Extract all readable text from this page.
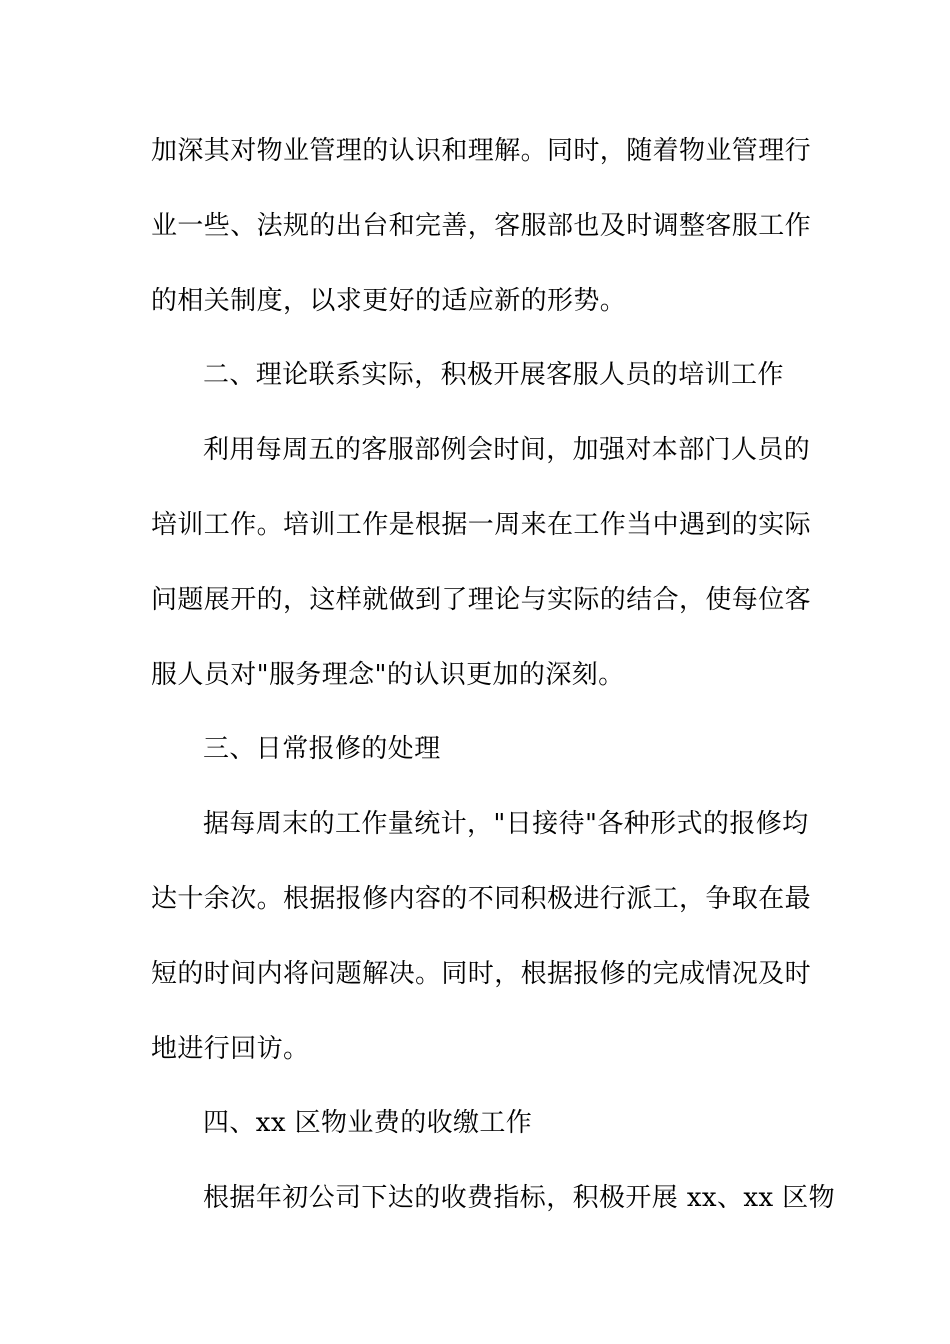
加深其对物业管理的认识和理解。同时，随着物业管理行
业一些、法规的出台和完善，客服部也及时调整客服工作
的相关制度，以求更好的适应新的形势。
二、理论联系实际，积极开展客服人员的培训工作
利用每周五的客服部例会时间，加强对本部门人员的
培训工作。培训工作是根据一周来在工作当中遇到的实际
问题展开的，这样就做到了理论与实际的结合，使每位客
服人员对"服务理念"的认识更加的深刻。
三、日常报修的处理
据每周末的工作量统计，"日接待"各种形式的报修均
达十余次。根据报修内容的不同积极进行派工，争取在最
短的时间内将问题解决。同时，根据报修的完成情况及时
地进行回访。
四、xx 区物业费的收缴工作
根据年初公司下达的收费指标，积极开展 xx、xx 区物
